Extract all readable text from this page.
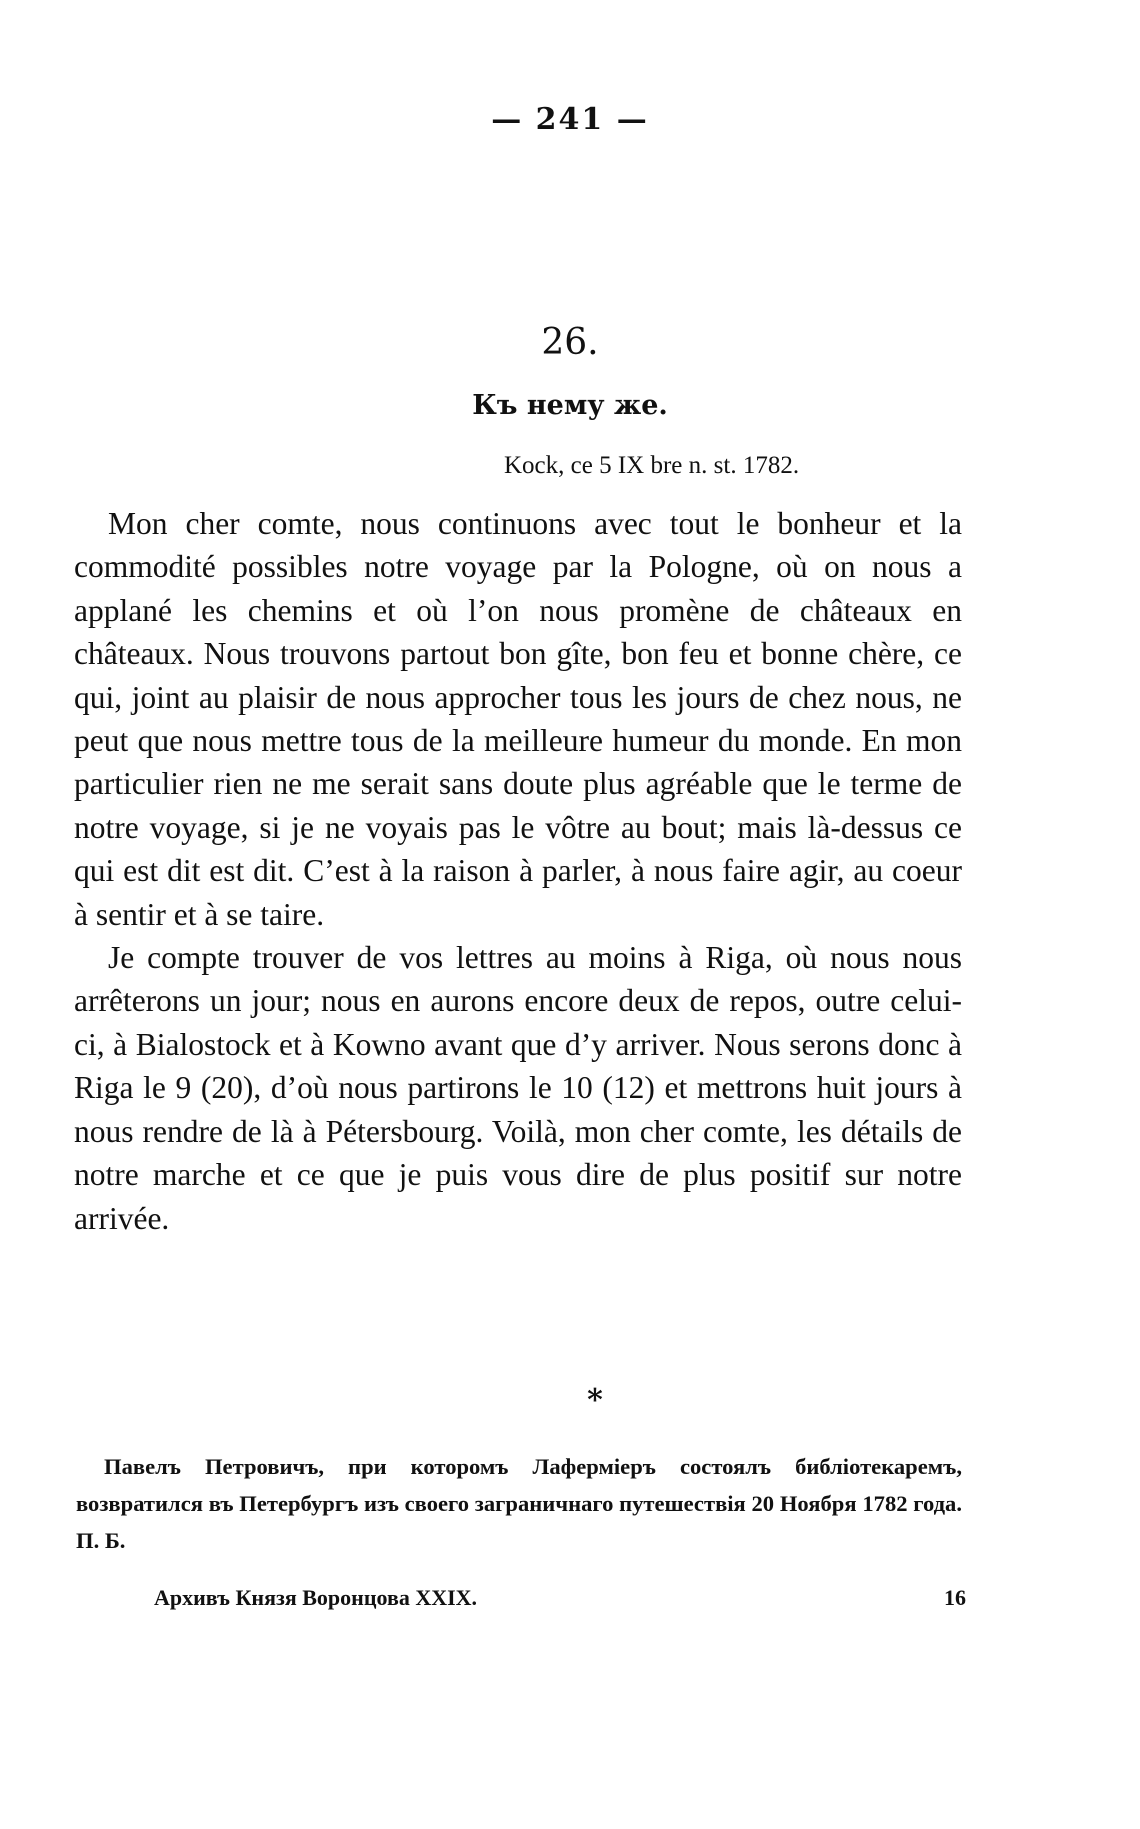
— 241 —
26.
Къ нему же.
Kock, ce 5 IX bre n. st. 1782.

Mon cher comte, nous continuons avec tout le bonheur et la commodité possibles notre voyage par la Pologne, où on nous a applané les chemins et où l’on nous promène de châteaux en châteaux. Nous trouvons partout bon gîte, bon feu et bonne chère, ce qui, joint au plaisir de nous approcher tous les jours de chez nous, ne peut que nous mettre tous de la meilleure humeur du monde. En mon particulier rien ne me serait sans doute plus agréable que le terme de notre voyage, si je ne voyais pas le vôtre au bout; mais là-dessus ce qui est dit est dit. C’est à la raison à parler, à nous faire agir, au coeur à sentir et à se taire.

Je compte trouver de vos lettres au moins à Riga, où nous nous arrêterons un jour; nous en aurons encore deux de repos, outre celui-ci, à Bialostock et à Kowno avant que d’y arriver. Nous serons donc à Riga le 9 (20), d’où nous partirons le 10 (12) et mettrons huit jours à nous rendre de là à Pétersbourg. Voilà, mon cher comte, les détails de notre marche et ce que je puis vous dire de plus positif sur notre arrivée.

*

Павелъ Петровичъ, при которомъ Лаферміеръ состоялъ библіотекаремъ, возвратился въ Петербургъ изъ своего заграничнаго путешествія 20 Ноября 1782 года. П. Б.

Архивъ Князя Воронцова XXIX.	16
